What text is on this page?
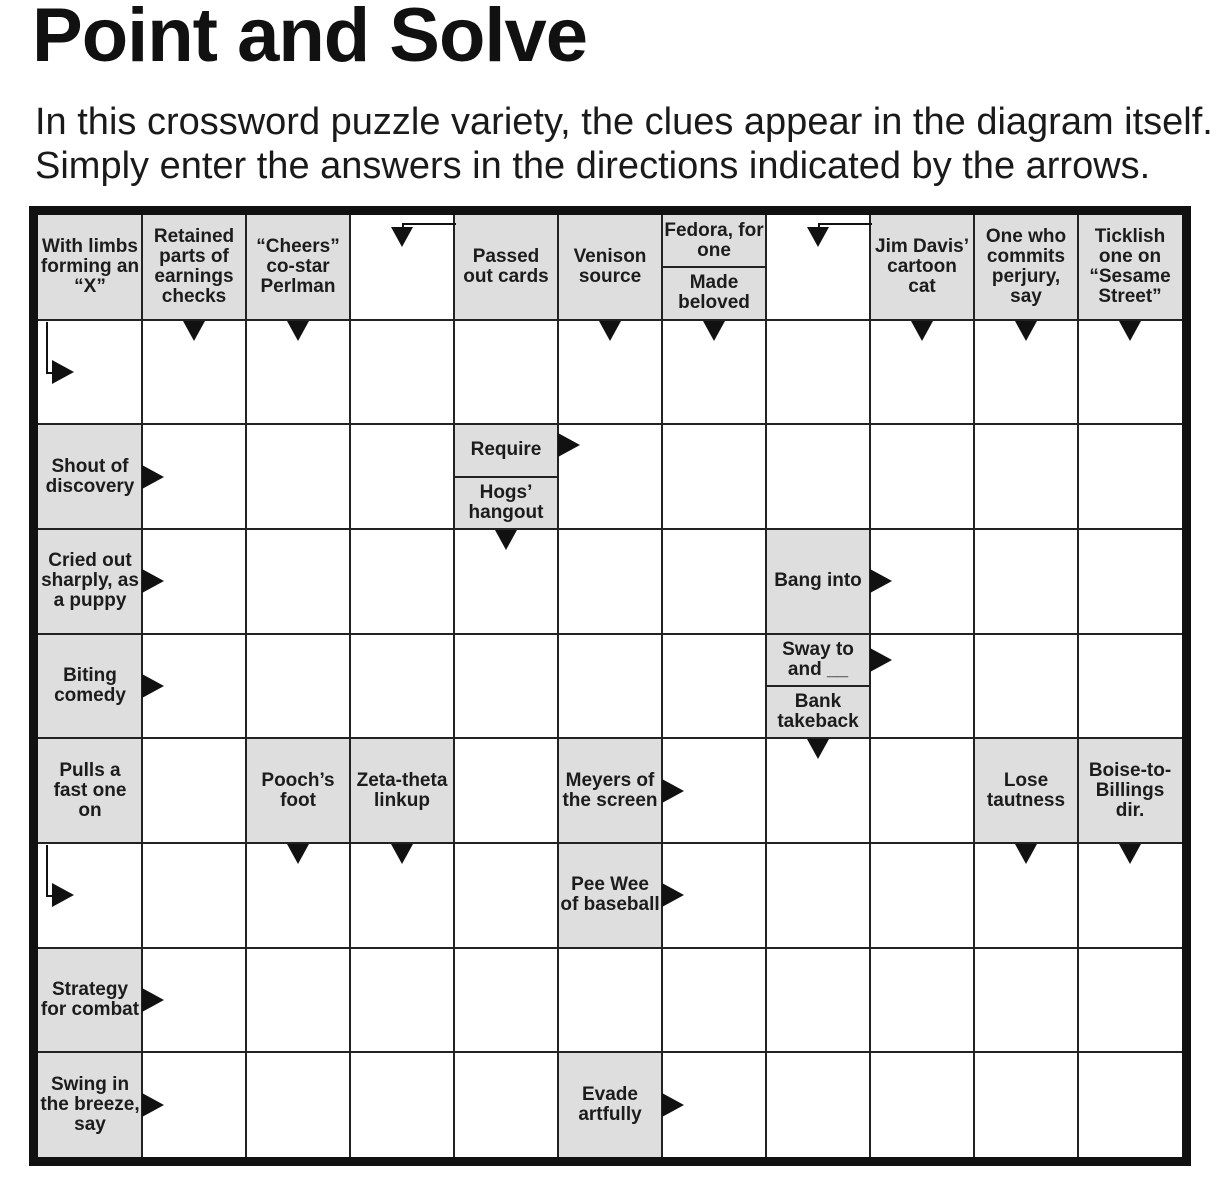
Point and Solve
In this crossword puzzle variety, the clues appear in the diagram itself.
Simply enter the answers in the directions indicated by the arrows.
With limbs forming an “X”
Retained parts of earnings checks
“Cheers” co-star Perlman
Passed out cards
Venison source
Fedora, for one
Made beloved
Jim Davis’ cartoon cat
One who commits perjury, say
Ticklish one on “Sesame Street”
Shout of discovery
Require
Hogs’ hangout
Cried out sharply, as a puppy
Bang into
Biting comedy
Sway to and __
Bank takeback
Pulls a fast one on
Pooch’s foot
Zeta-theta linkup
Meyers of the screen
Lose tautness
Boise-to-Billings dir.
Pee Wee of baseball
Strategy for combat
Swing in the breeze, say
Evade artfully
